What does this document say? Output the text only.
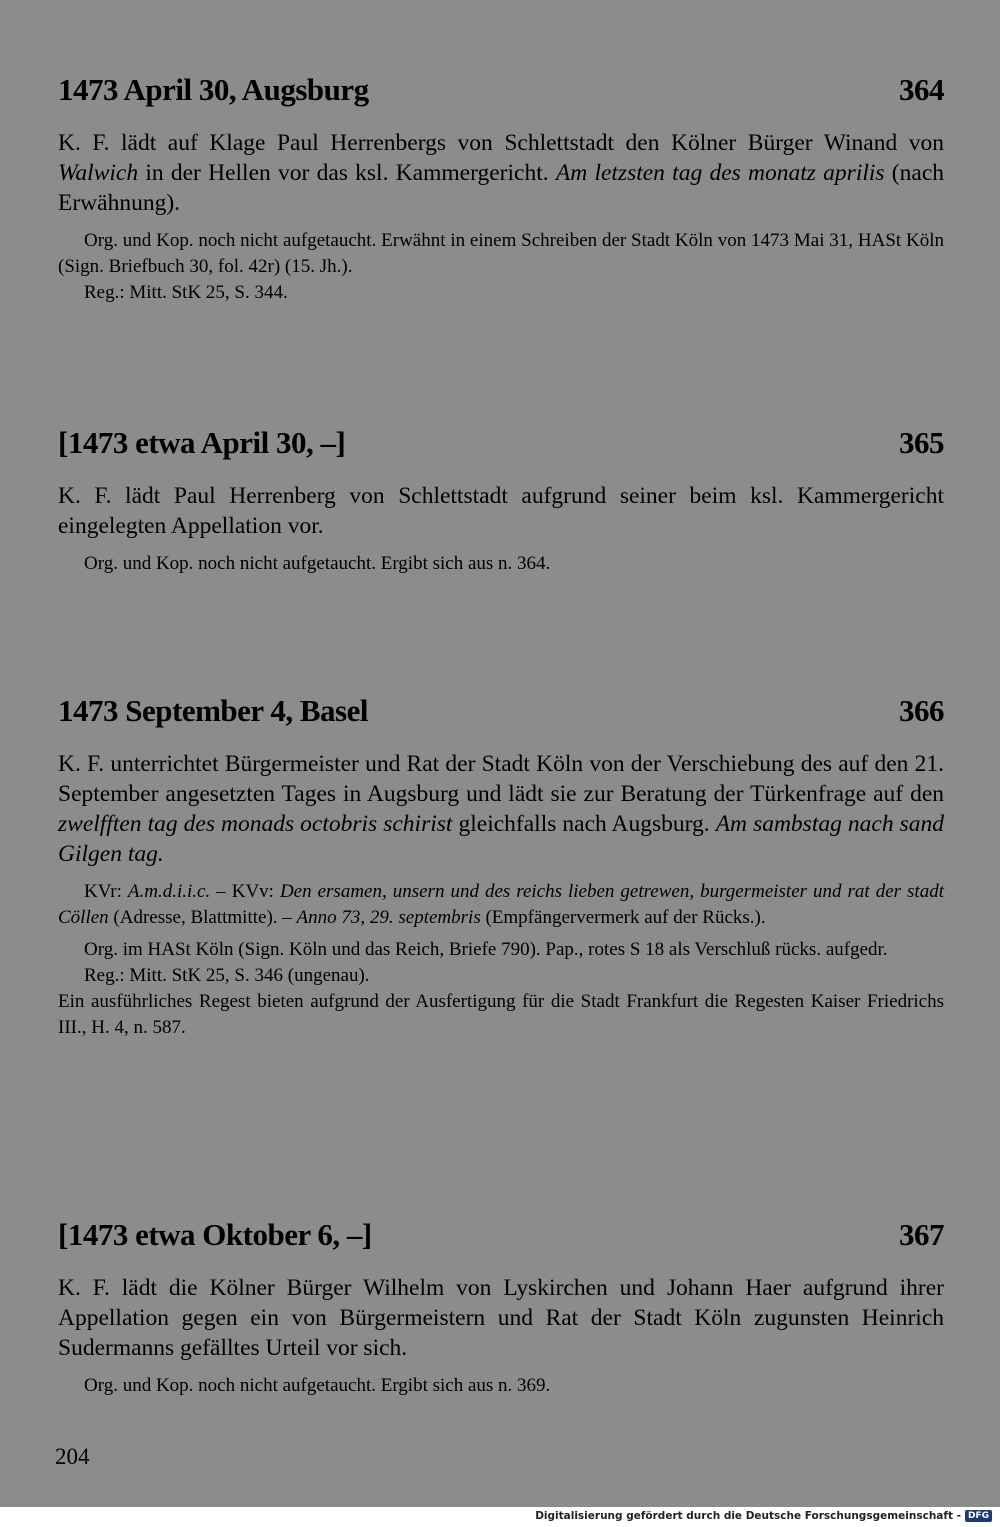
1473 April 30, Augsburg	364

K. F. lädt auf Klage Paul Herrenbergs von Schlettstadt den Kölner Bürger Winand von Walwich in der Hellen vor das ksl. Kammergericht. Am letzsten tag des monatz aprilis (nach Erwähnung).

Org. und Kop. noch nicht aufgetaucht. Erwähnt in einem Schreiben der Stadt Köln von 1473 Mai 31, HASt Köln (Sign. Briefbuch 30, fol. 42r) (15. Jh.).

Reg.: Mitt. StK 25, S. 344.

[1473 etwa April 30, –]	365

K. F. lädt Paul Herrenberg von Schlettstadt aufgrund seiner beim ksl. Kammergericht eingelegten Appellation vor.

Org. und Kop. noch nicht aufgetaucht. Ergibt sich aus n. 364.

1473 September 4, Basel	366

K. F. unterrichtet Bürgermeister und Rat der Stadt Köln von der Verschiebung des auf den 21. September angesetzten Tages in Augsburg und lädt sie zur Beratung der Türkenfrage auf den zwelfften tag des monads octobris schirist gleichfalls nach Augsburg. Am sambstag nach sand Gilgen tag.

KVr: A.m.d.i.i.c. – KVv: Den ersamen, unsern und des reichs lieben getrewen, burgermeister und rat der stadt Cöllen (Adresse, Blattmitte). – Anno 73, 29. septembris (Empfängervermerk auf der Rücks.).

Org. im HASt Köln (Sign. Köln und das Reich, Briefe 790). Pap., rotes S 18 als Verschluß rücks. aufgedr.

Reg.: Mitt. StK 25, S. 346 (ungenau).

Ein ausführliches Regest bieten aufgrund der Ausfertigung für die Stadt Frankfurt die Regesten Kaiser Friedrichs III., H. 4, n. 587.

[1473 etwa Oktober 6, –]	367

K. F. lädt die Kölner Bürger Wilhelm von Lyskirchen und Johann Haer aufgrund ihrer Appellation gegen ein von Bürgermeistern und Rat der Stadt Köln zugunsten Heinrich Sudermanns gefälltes Urteil vor sich.

Org. und Kop. noch nicht aufgetaucht. Ergibt sich aus n. 369.

204
Digitalisierung gefördert durch die Deutsche Forschungsgemeinschaft - DFG
